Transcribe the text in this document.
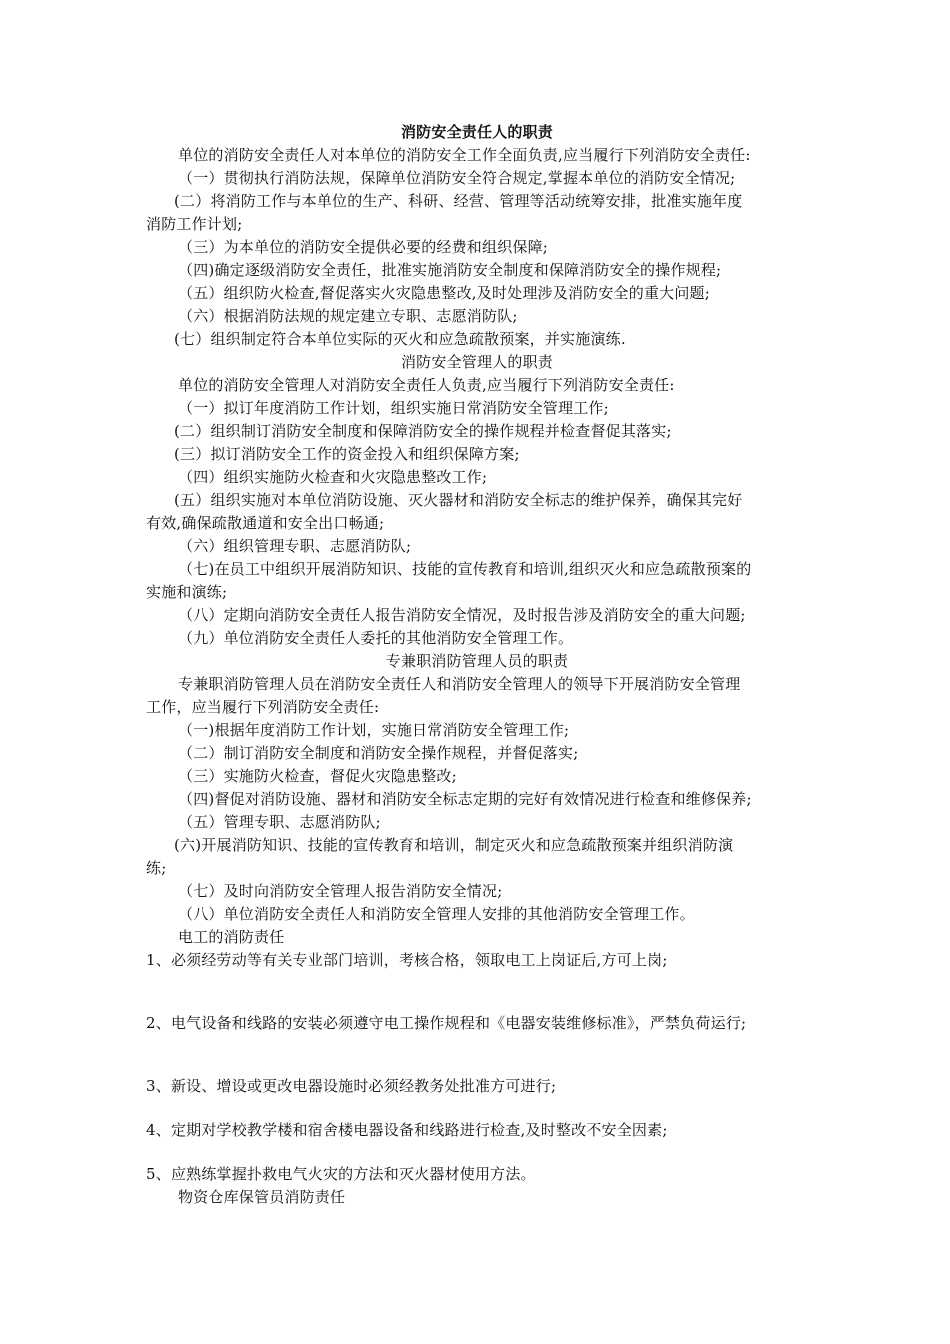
消防安全责任人的职责
单位的消防安全责任人对本单位的消防安全工作全面负责,应当履行下列消防安全责任:
（一）贯彻执行消防法规，保障单位消防安全符合规定,掌握本单位的消防安全情况;
(二）将消防工作与本单位的生产、科研、经营、管理等活动统筹安排，批准实施年度
消防工作计划;
（三）为本单位的消防安全提供必要的经费和组织保障;
（四)确定逐级消防安全责任，批准实施消防安全制度和保障消防安全的操作规程;
（五）组织防火检查,督促落实火灾隐患整改,及时处理涉及消防安全的重大问题;
（六）根据消防法规的规定建立专职、志愿消防队;
(七）组织制定符合本单位实际的灭火和应急疏散预案，并实施演练.
消防安全管理人的职责
单位的消防安全管理人对消防安全责任人负责,应当履行下列消防安全责任:
（一）拟订年度消防工作计划，组织实施日常消防安全管理工作;
(二）组织制订消防安全制度和保障消防安全的操作规程并检查督促其落实;
(三）拟订消防安全工作的资金投入和组织保障方案;
（四）组织实施防火检查和火灾隐患整改工作;
(五）组织实施对本单位消防设施、灭火器材和消防安全标志的维护保养，确保其完好
有效,确保疏散通道和安全出口畅通;
（六）组织管理专职、志愿消防队;
（七)在员工中组织开展消防知识、技能的宣传教育和培训,组织灭火和应急疏散预案的
实施和演练;
（八）定期向消防安全责任人报告消防安全情况，及时报告涉及消防安全的重大问题;
（九）单位消防安全责任人委托的其他消防安全管理工作。
专兼职消防管理人员的职责
专兼职消防管理人员在消防安全责任人和消防安全管理人的领导下开展消防安全管理
工作，应当履行下列消防安全责任:
（一)根据年度消防工作计划，实施日常消防安全管理工作;
（二）制订消防安全制度和消防安全操作规程，并督促落实;
（三）实施防火检查，督促火灾隐患整改;
（四)督促对消防设施、器材和消防安全标志定期的完好有效情况进行检查和维修保养;
（五）管理专职、志愿消防队;
(六)开展消防知识、技能的宣传教育和培训，制定灭火和应急疏散预案并组织消防演
练;
（七）及时向消防安全管理人报告消防安全情况;
（八）单位消防安全责任人和消防安全管理人安排的其他消防安全管理工作。
电工的消防责任
1、必须经劳动等有关专业部门培训，考核合格，领取电工上岗证后,方可上岗;
2、电气设备和线路的安装必须遵守电工操作规程和《电器安装维修标准》，严禁负荷运行;
3、新设、增设或更改电器设施时必须经教务处批准方可进行;
4、定期对学校教学楼和宿舍楼电器设备和线路进行检查,及时整改不安全因素;
5、应熟练掌握扑救电气火灾的方法和灭火器材使用方法。
物资仓库保管员消防责任
